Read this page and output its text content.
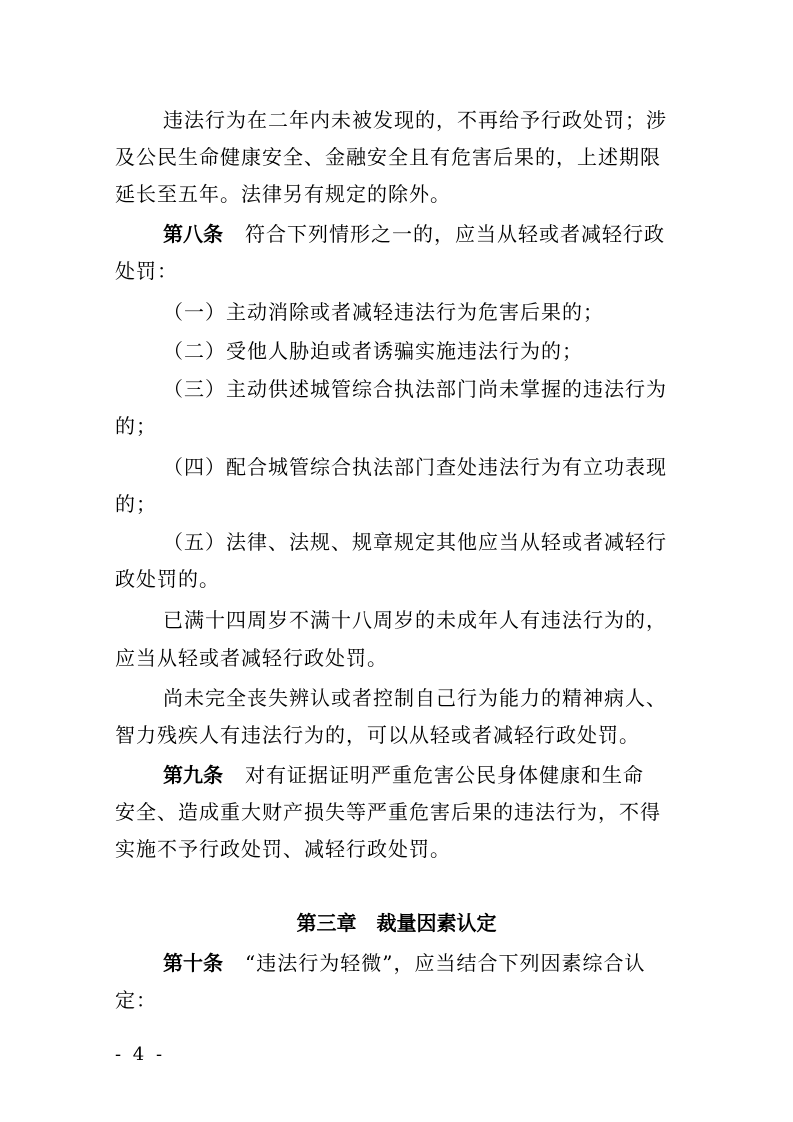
违法行为在二年内未被发现的，不再给予行政处罚；涉

及公民生命健康安全、金融安全且有危害后果的，上述期限

延长至五年。法律另有规定的除外。

第八条 符合下列情形之一的，应当从轻或者减轻行政

处罚：

（一）主动消除或者减轻违法行为危害后果的；

（二）受他人胁迫或者诱骗实施违法行为的；

（三）主动供述城管综合执法部门尚未掌握的违法行为

的；

（四）配合城管综合执法部门查处违法行为有立功表现

的；

（五）法律、法规、规章规定其他应当从轻或者减轻行

政处罚的。

已满十四周岁不满十八周岁的未成年人有违法行为的，

应当从轻或者减轻行政处罚。

尚未完全丧失辨认或者控制自己行为能力的精神病人、

智力残疾人有违法行为的，可以从轻或者减轻行政处罚。

第九条 对有证据证明严重危害公民身体健康和生命

安全、造成重大财产损失等严重危害后果的违法行为，不得

实施不予行政处罚、减轻行政处罚。

第三章　裁量因素认定

第十条 “违法行为轻微”，应当结合下列因素综合认

定：

- 4 -
